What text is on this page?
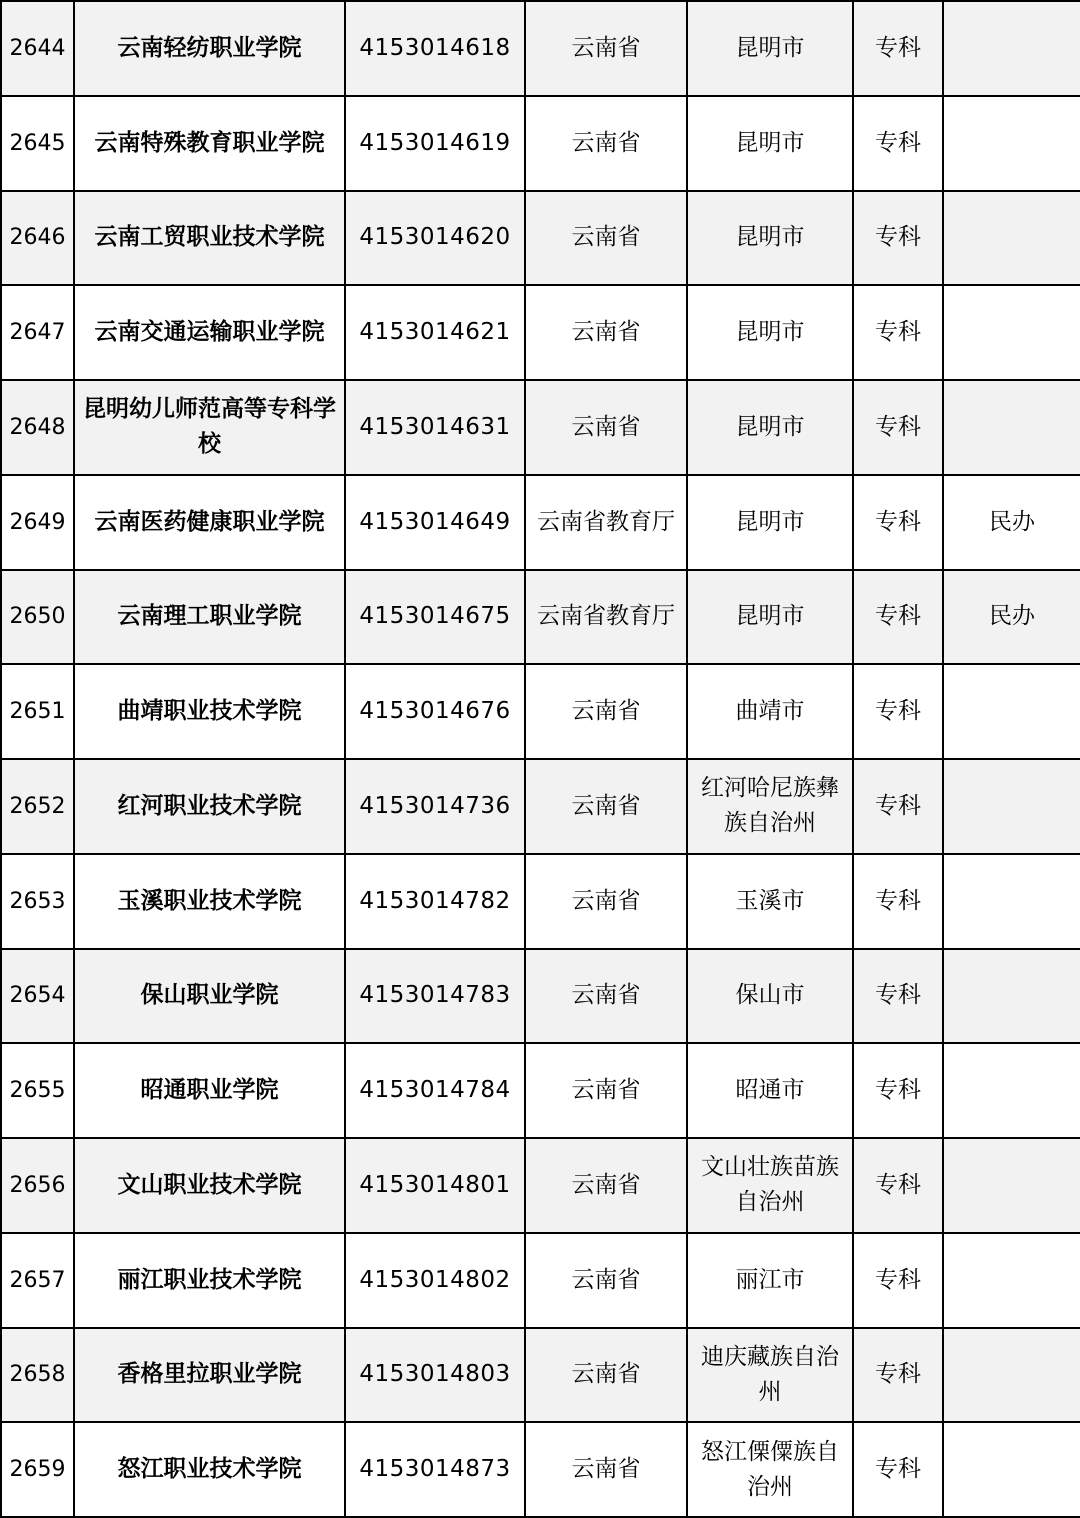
2644	云南轻纺职业学院	4153014618	云南省	昆明市	专科	
2645	云南特殊教育职业学院	4153014619	云南省	昆明市	专科	
2646	云南工贸职业技术学院	4153014620	云南省	昆明市	专科	
2647	云南交通运输职业学院	4153014621	云南省	昆明市	专科	
2648	昆明幼儿师范高等专科学校	4153014631	云南省	昆明市	专科	
2649	云南医药健康职业学院	4153014649	云南省教育厅	昆明市	专科	民办
2650	云南理工职业学院	4153014675	云南省教育厅	昆明市	专科	民办
2651	曲靖职业技术学院	4153014676	云南省	曲靖市	专科	
2652	红河职业技术学院	4153014736	云南省	红河哈尼族彝族自治州	专科	
2653	玉溪职业技术学院	4153014782	云南省	玉溪市	专科	
2654	保山职业学院	4153014783	云南省	保山市	专科	
2655	昭通职业学院	4153014784	云南省	昭通市	专科	
2656	文山职业技术学院	4153014801	云南省	文山壮族苗族自治州	专科	
2657	丽江职业技术学院	4153014802	云南省	丽江市	专科	
2658	香格里拉职业学院	4153014803	云南省	迪庆藏族自治州	专科	
2659	怒江职业技术学院	4153014873	云南省	怒江傈僳族自治州	专科	
